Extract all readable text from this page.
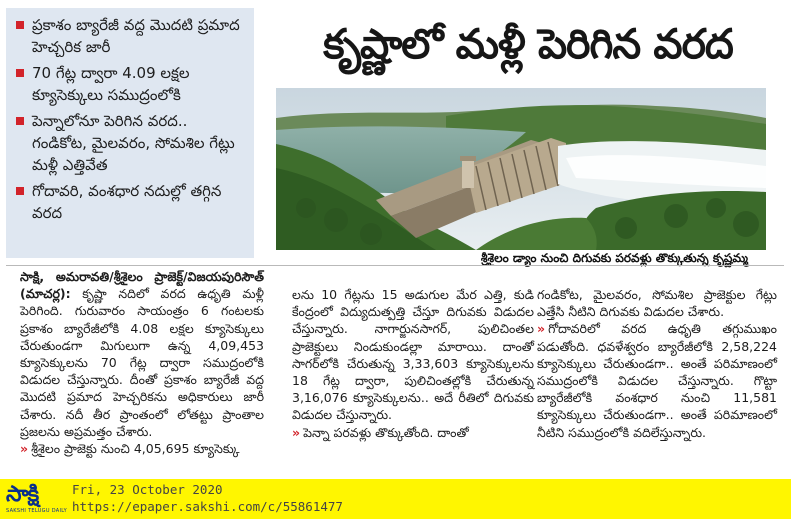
ప్రకాశం బ్యారేజీ వద్ద మొదటి ప్రమాద హెచ్చరిక జారీ
70 గేట్ల ద్వారా 4.09 లక్షల క్యూసెక్కులు సముద్రంలోకి
పెన్నాలోనూ పెరిగిన వరద.. గండికోట, మైలవరం, సోమశిల గేట్లు మళ్లీ ఎత్తివేత
గోదావరి, వంశధార నదుల్లో తగ్గిన వరద
కృష్ణాలో మళ్లీ పెరిగిన వరద
శ్రీశైలం డ్యాం నుంచి దిగువకు పరవళ్లు తొక్కుతున్న కృష్ణమ్మ

సాక్షి, అమరావతి/శ్రీశైలం ప్రాజెక్ట్/విజయపురిసౌత్ (మాచర్ల): కృష్ణా నదిలో వరద ఉధృతి మళ్లీ పెరిగింది. గురువారం సాయంత్రం 6 గంటలకు ప్రకాశం బ్యారేజీలోకి 4.08 లక్షల క్యూసెక్కులు చేరుతుండగా మిగులుగా ఉన్న 4,09,453 క్యూసెక్కులను 70 గేట్ల ద్వారా సముద్రంలోకి విడుదల చేస్తున్నారు. దీంతో ప్రకాశం బ్యారేజీ వద్ద మొదటి ప్రమాద హెచ్చరికను అధికారులు జారీ చేశారు. నదీ తీర ప్రాంతంలో లోతట్టు ప్రాంతాల ప్రజలను అప్రమత్తం చేశారు.

» శ్రీశైలం ప్రాజెక్టు నుంచి 4,05,695 క్యూసెక్కు

లను 10 గేట్లను 15 అడుగుల మేర ఎత్తి, కుడి కేంద్రంలో విద్యుదుత్పత్తి చేస్తూ దిగువకు విడుదల చేస్తున్నారు. నాగార్జునసాగర్, పులిచింతల ప్రాజెక్టులు నిండుకుండల్లా మారాయి. దాంతో సాగర్‌లోకి చేరుతున్న 3,33,603 క్యూసెక్కులను 18 గేట్ల ద్వారా, పులిచింతల్లోకి చేరుతున్న 3,16,076 క్యూసెక్కులను.. అదే రీతిలో దిగువకు విడుదల చేస్తున్నారు.

» పెన్నా పరవళ్లు తొక్కుతోంది. దాంతో

గండికోట, మైలవరం, సోమశిల ప్రాజెక్టుల గేట్లు ఎత్తేసి నీటిని దిగువకు విడుదల చేశారు.

» గోదావరిలో వరద ఉధృతి తగ్గుముఖం పడుతోంది. ధవళేశ్వరం బ్యారేజీలోకి 2,58,224 క్యూసెక్కులు చేరుతుండగా.. అంతే పరిమాణంలో సముద్రంలోకి విడుదల చేస్తున్నారు. గొట్టా బ్యారేజీలోకి వంశధార నుంచి 11,581 క్యూసెక్కులు చేరుతుండగా.. అంతే పరిమాణంలో నీటిని సముద్రంలోకి వదిలేస్తున్నారు.

సాక్షి
SAKSHI TELUGU DAILY
Fri, 23 October 2020
https://epaper.sakshi.com/c/55861477
